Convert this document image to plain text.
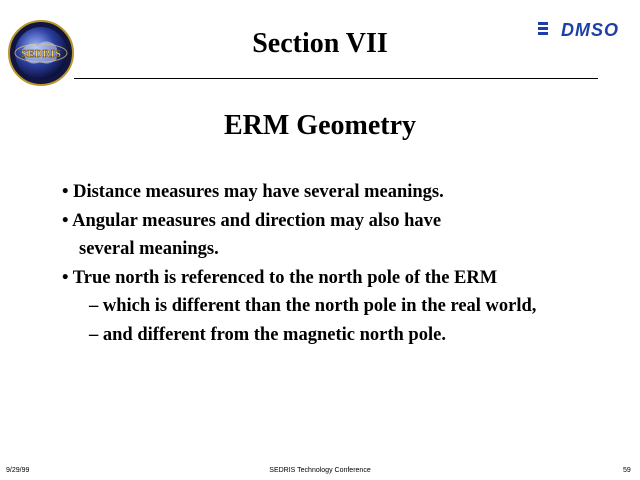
SEDRIS	Section VII	DMSO
ERM Geometry
• Distance measures may have several meanings.
• Angular measures and direction may also have
several meanings.
• True north is referenced to the north pole of the ERM
– which is different than the north pole in the real world,
– and different from the magnetic north pole.
9/29/99	SEDRIS Technology Conference	59
